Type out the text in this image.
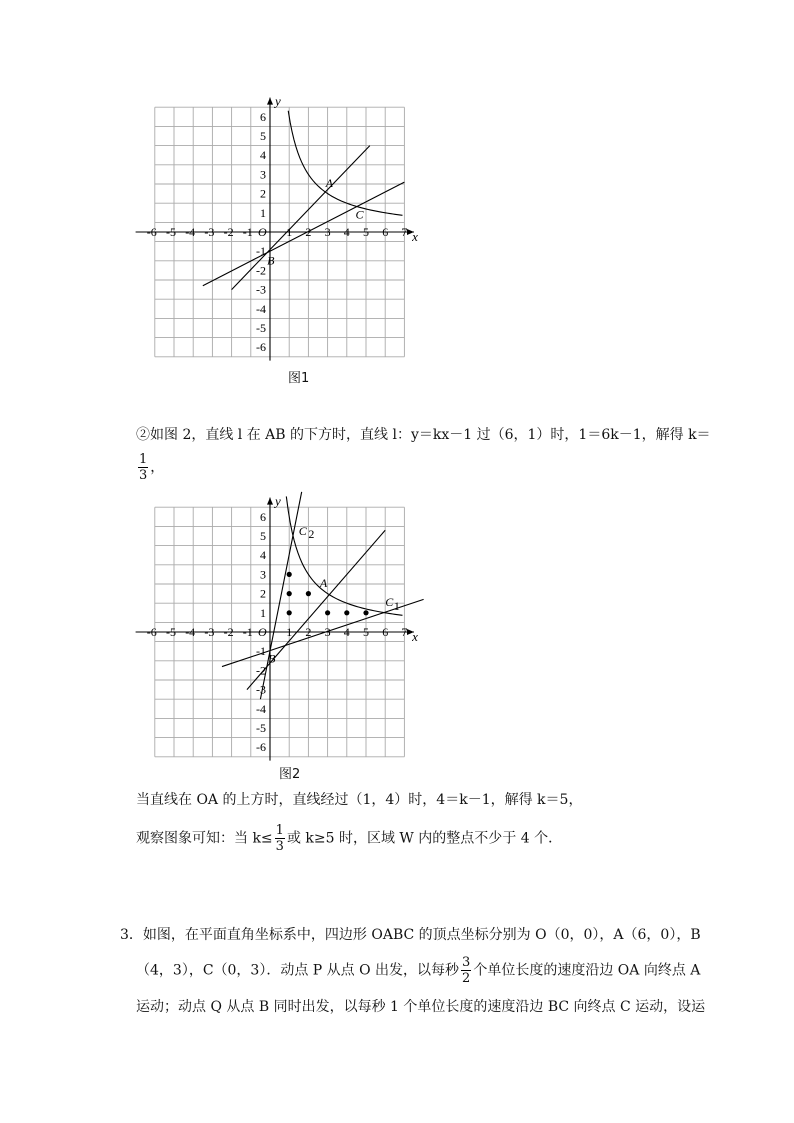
x
y
O
-6 -5 -4 -3 -2 -1	1 2 3 4 5 6 7
6
5
4
3
2
1
-1
-2
-3
-4
-5
-6
A
B
C
图1
②如图 2，直线 l 在 AB 的下方时，直线 l：y＝kx－1 过（6，1）时，1＝6k－1，解得 k＝
$\frac{1}{3}$ ，
x
y
O
-6 -5 -4 -3 -2 -1	1 2 3 4 5 6 7
6
5
4
3
2
1
-1
-2
-3
-4
-5
-6
A
B
C 2
C 1
图2
当直线在 OA 的上方时，直线经过（1，4）时，4＝k－1，解得 k＝5，
观察图象可知：当 $k\le \frac{1}{3}$ 或 k≥5 时，区域 W 内的整点不少于 4 个．
3．如图，在平面直角坐标系中，四边形 OABC 的顶点坐标分别为 O（0，0），A（6，0），B
（4，3），C（0，3）．动点 P 从点 O 出发，以每秒 $\frac{3}{2}$ 个单位长度的速度沿边 OA 向终点 A
运动；动点 Q 从点 B 同时出发，以每秒 1 个单位长度的速度沿边 BC 向终点 C 运动，设运
